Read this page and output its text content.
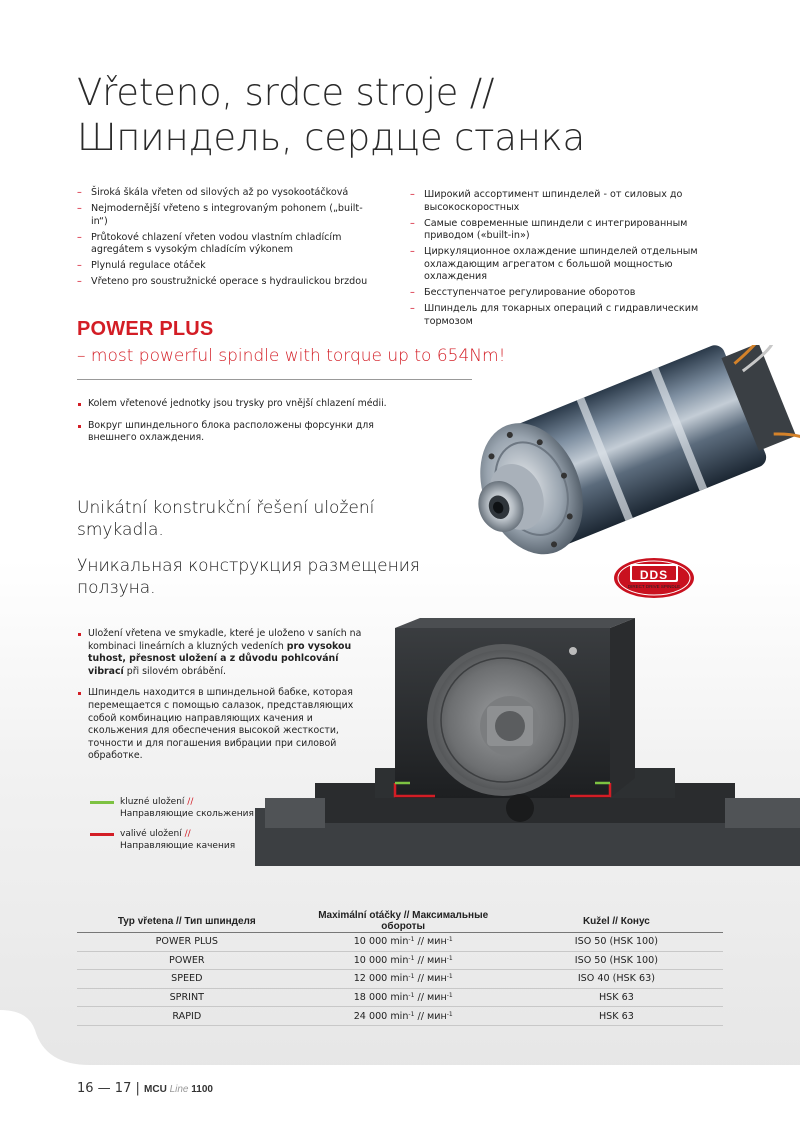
Vřeteno, srdce stroje //
Шпиндель, сердце станка
– Široká škála vřeten od silových až po vysokootáčková
– Nejmodernější vřeteno s integrovaným pohonem („built-in“)
– Průtokové chlazení vřeten vodou vlastním chladícím agregátem s vysokým chladícím výkonem
– Plynulá regulace otáček
– Vřeteno pro soustružnické operace s hydraulickou brzdou
– Широкий ассортимент шпинделей - от силовых до высокоскоростных
– Самые современные шпиндели с интегрированным приводом («built-in»)
– Циркуляционное охлаждение шпинделей отдельным охлаждающим агрегатом с большой мощностью охлаждения
– Бесступенчатое регулирование оборотов
– Шпиндель для токарных операций с гидравлическим тормозом
POWER PLUS
– most powerful spindle with torque up to 654Nm!
Kolem vřetenové jednotky jsou trysky pro vnější chlazení médii.
Вокруг шпиндельного блока расположены форсунки для внешнего охлаждения.
DDS
DIRECT DRIVE SPINDLE
Unikátní konstrukční řešení uložení smykadla.
Уникальная конструкция размещения ползуна.
Uložení vřetena ve smykadle, které je uloženo v saních na kombinaci lineárních a kluzných vedeních pro vysokou tuhost, přesnost uložení a z důvodu pohlcování vibrací při silovém obrábění.
Шпиндель находится в шпиндельной бабке, которая перемещается с помощью салазок, представляющих собой комбинацию направляющих качения и скольжения для обеспечения высокой жесткости, точности и для погашения вибрации при силовой обработке.
kluzné uložení //
Направляющие скольжения
valivé uložení //
Направляющие качения
Typ vřetena // Тип шпинделя	Maximální otáčky // Максимальные обороты	Kužel // Конус
POWER PLUS	10 000 $\min^{-1} // мин^{-1}$	ISO 50 (HSK 100)
POWER	10 000 $\min^{-1} // мин^{-1}$	ISO 50 (HSK 100)
SPEED	12 000 $\min^{-1} // мин^{-1}$	ISO 40 (HSK 63)
SPRINT	18 000 $\min^{-1} // мин^{-1}$	HSK 63
RAPID	24 000 $\min^{-1} // мин^{-1}$	HSK 63
16 — 17 | MCU Line 1100
